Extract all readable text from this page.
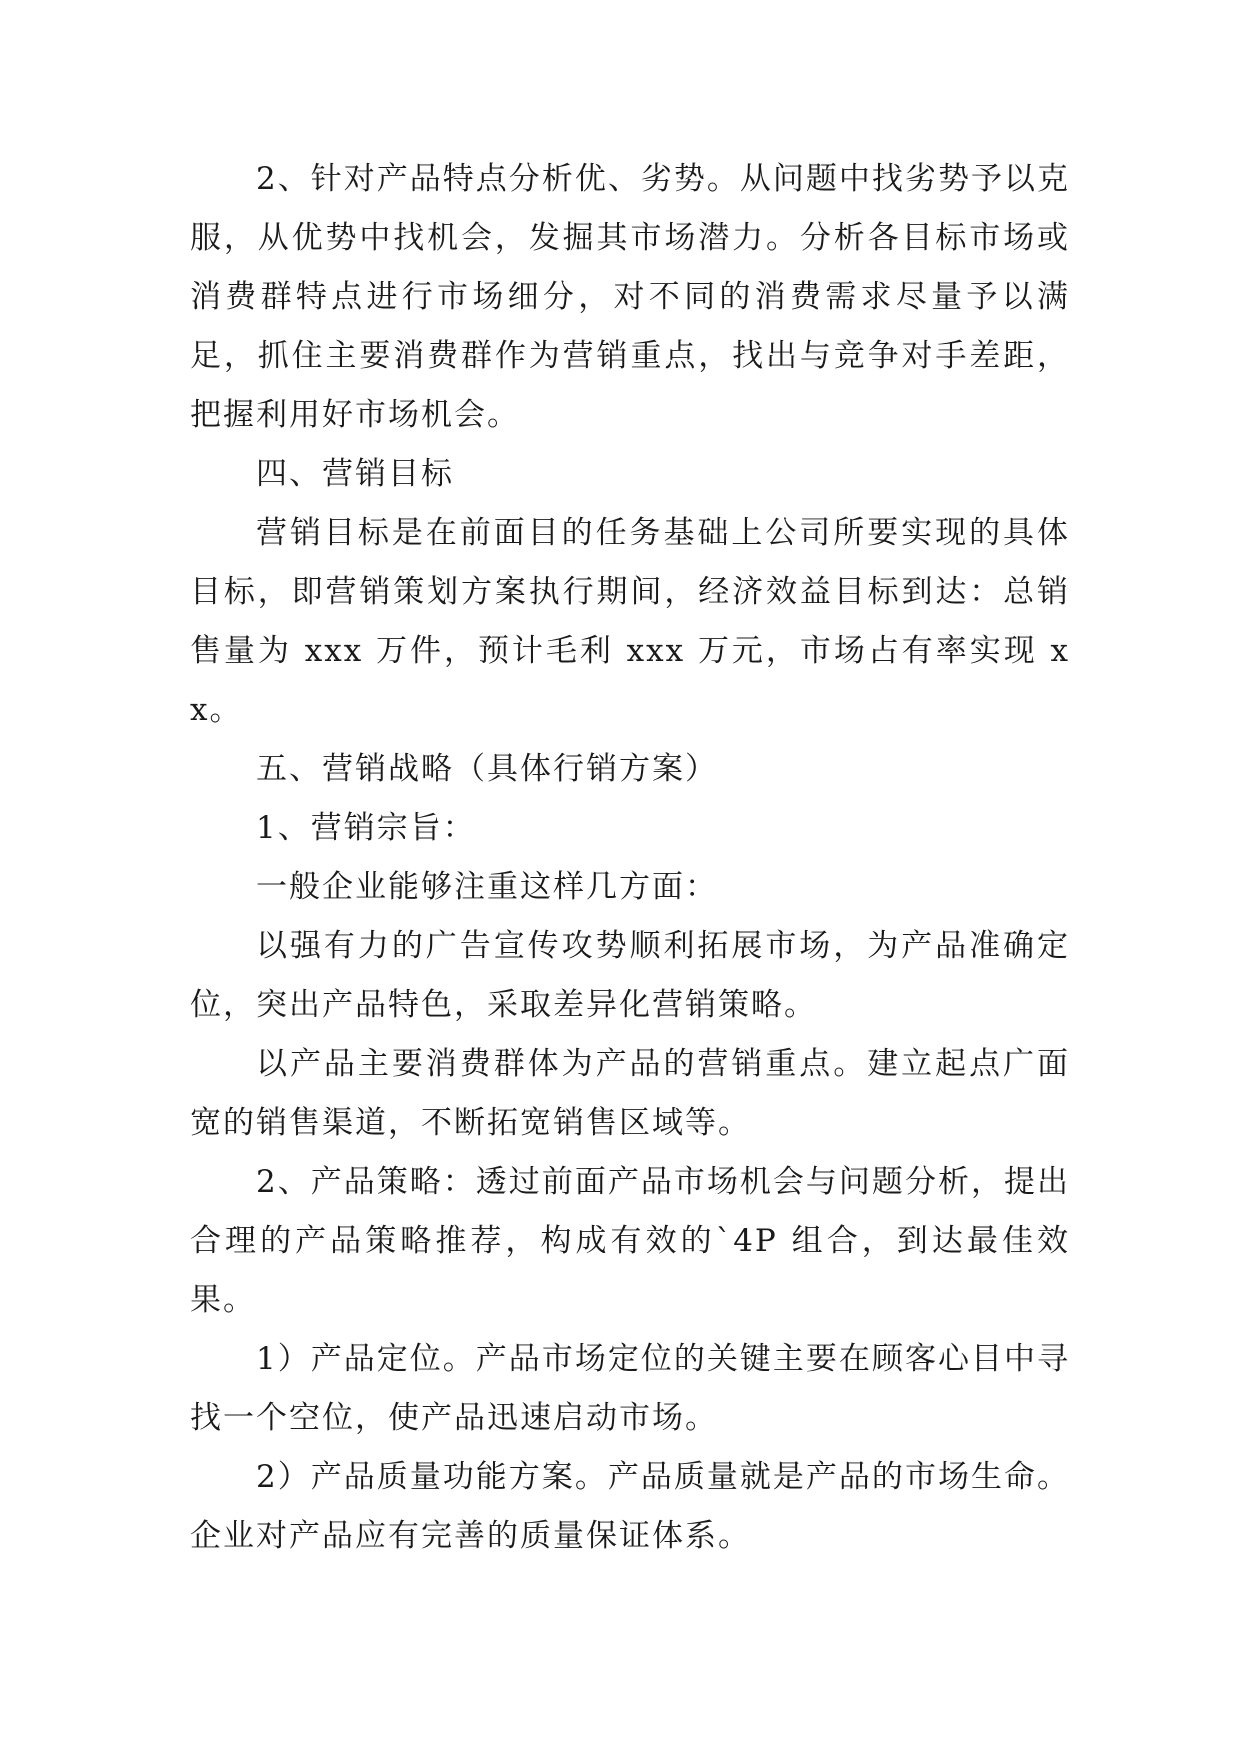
2、针对产品特点分析优、劣势。从问题中找劣势予以克服，从优势中找机会，发掘其市场潜力。分析各目标市场或消费群特点进行市场细分，对不同的消费需求尽量予以满足，抓住主要消费群作为营销重点，找出与竞争对手差距，把握利用好市场机会。

四、营销目标

营销目标是在前面目的任务基础上公司所要实现的具体目标，即营销策划方案执行期间，经济效益目标到达：总销售量为 xxx 万件，预计毛利 xxx 万元，市场占有率实现 xx。

五、营销战略（具体行销方案）

1、营销宗旨：

一般企业能够注重这样几方面：

以强有力的广告宣传攻势顺利拓展市场，为产品准确定位，突出产品特色，采取差异化营销策略。

以产品主要消费群体为产品的营销重点。建立起点广面宽的销售渠道，不断拓宽销售区域等。

2、产品策略：透过前面产品市场机会与问题分析，提出合理的产品策略推荐，构成有效的`4P 组合，到达最佳效果。

1）产品定位。产品市场定位的关键主要在顾客心目中寻找一个空位，使产品迅速启动市场。

2）产品质量功能方案。产品质量就是产品的市场生命。企业对产品应有完善的质量保证体系。
